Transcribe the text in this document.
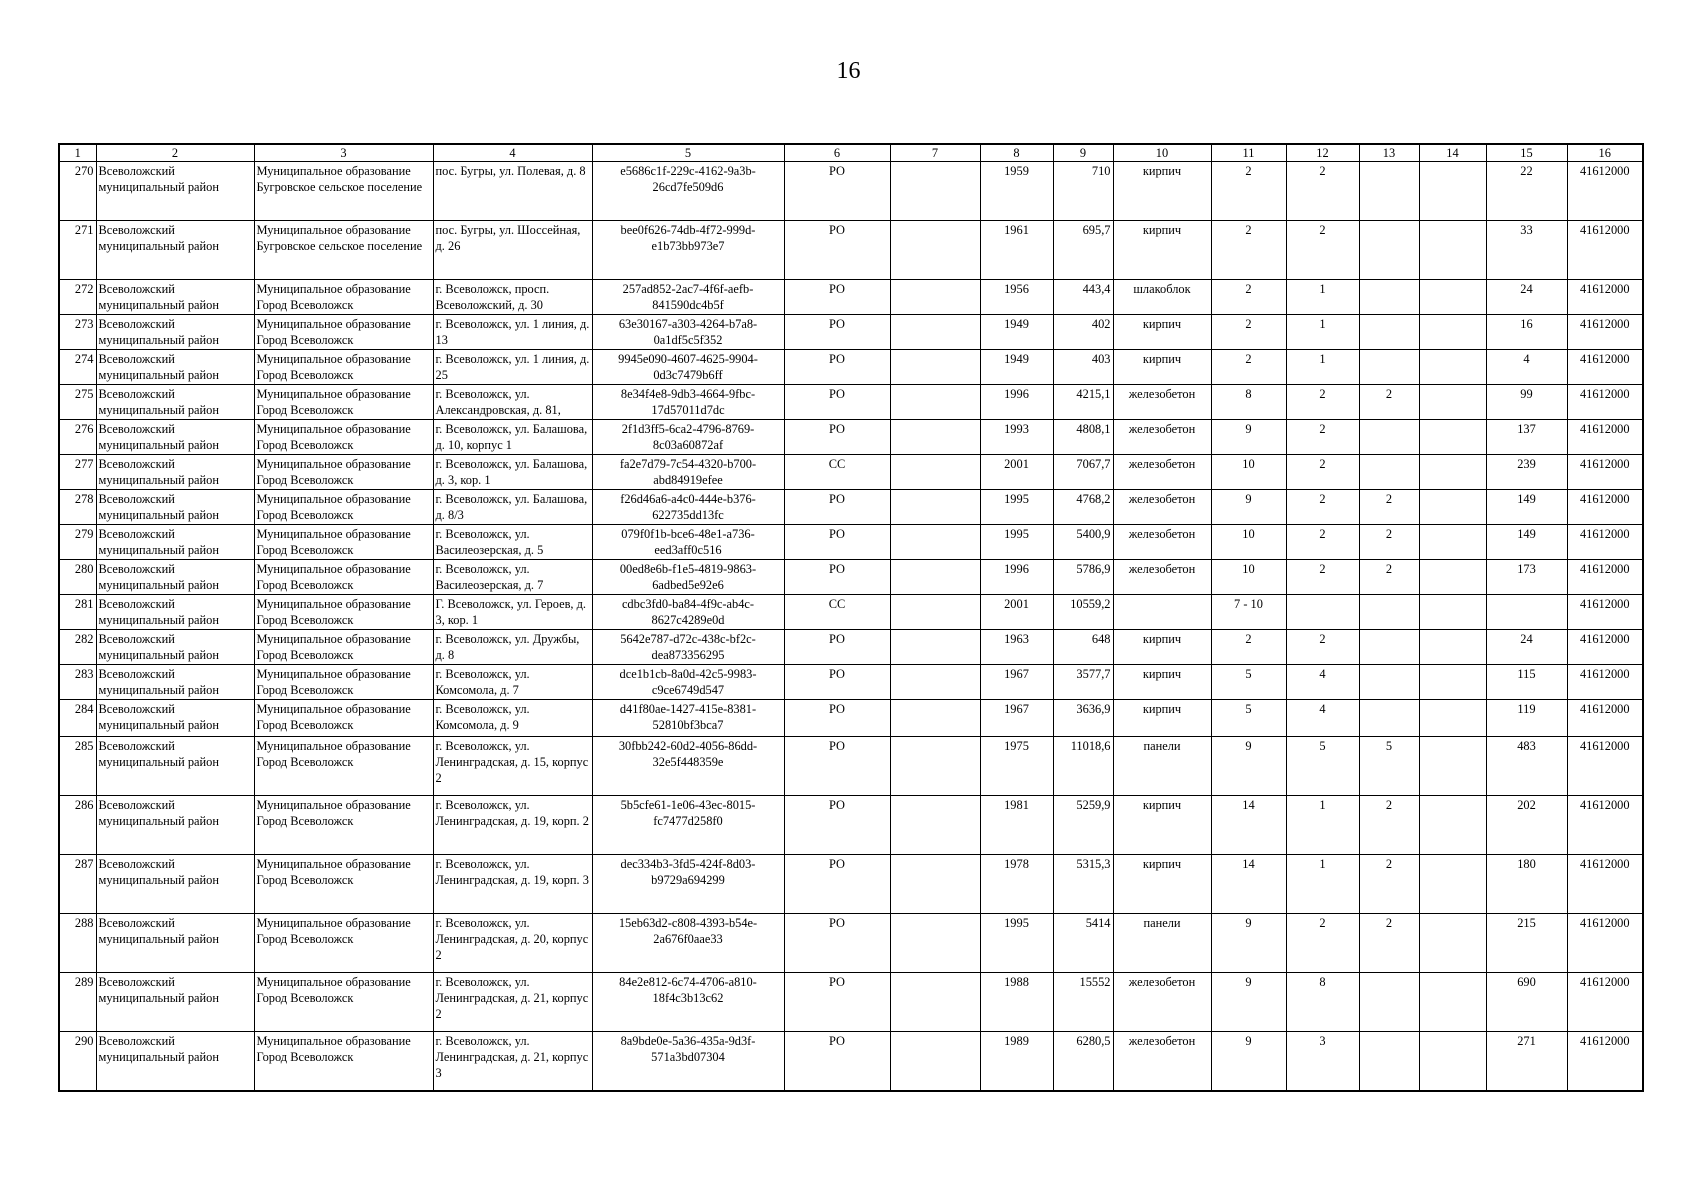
16
1	2	3	4	5	6	7	8	9	10	11	12	13	14	15	16
270	Всеволожский муниципальный район	Муниципальное образование Бугровское сельское поселение	пос. Бугры, ул. Полевая, д. 8	e5686c1f-229c-4162-9a3b-26cd7fe509d6	РО		1959	710	кирпич	2	2			22	41612000
271	Всеволожский муниципальный район	Муниципальное образование Бугровское сельское поселение	пос. Бугры, ул. Шоссейная, д. 26	bee0f626-74db-4f72-999d-e1b73bb973e7	РО		1961	695,7	кирпич	2	2			33	41612000
272	Всеволожский муниципальный район	Муниципальное образование Город Всеволожск	г. Всеволожск, просп. Всеволожский, д. 30	257ad852-2ac7-4f6f-aefb-841590dc4b5f	РО		1956	443,4	шлакоблок	2	1			24	41612000
273	Всеволожский муниципальный район	Муниципальное образование Город Всеволожск	г. Всеволожск, ул. 1 линия, д. 13	63e30167-a303-4264-b7a8-0a1df5c5f352	РО		1949	402	кирпич	2	1			16	41612000
274	Всеволожский муниципальный район	Муниципальное образование Город Всеволожск	г. Всеволожск, ул. 1 линия, д. 25	9945e090-4607-4625-9904-0d3c7479b6ff	РО		1949	403	кирпич	2	1			4	41612000
275	Всеволожский муниципальный район	Муниципальное образование Город Всеволожск	г. Всеволожск, ул. Александровская, д. 81,	8e34f4e8-9db3-4664-9fbc-17d57011d7dc	РО		1996	4215,1	железобетон	8	2	2		99	41612000
276	Всеволожский муниципальный район	Муниципальное образование Город Всеволожск	г. Всеволожск, ул. Балашова, д. 10, корпус 1	2f1d3ff5-6ca2-4796-8769-8c03a60872af	РО		1993	4808,1	железобетон	9	2			137	41612000
277	Всеволожский муниципальный район	Муниципальное образование Город Всеволожск	г. Всеволожск, ул. Балашова, д. 3, кор. 1	fa2e7d79-7c54-4320-b700-abd84919efee	СС		2001	7067,7	железобетон	10	2			239	41612000
278	Всеволожский муниципальный район	Муниципальное образование Город Всеволожск	г. Всеволожск, ул. Балашова, д. 8/3	f26d46a6-a4c0-444e-b376-622735dd13fc	РО		1995	4768,2	железобетон	9	2	2		149	41612000
279	Всеволожский муниципальный район	Муниципальное образование Город Всеволожск	г. Всеволожск, ул. Василеозерская, д. 5	079f0f1b-bce6-48e1-a736-eed3aff0c516	РО		1995	5400,9	железобетон	10	2	2		149	41612000
280	Всеволожский муниципальный район	Муниципальное образование Город Всеволожск	г. Всеволожск, ул. Василеозерская, д. 7	00ed8e6b-f1e5-4819-9863-6adbed5e92e6	РО		1996	5786,9	железобетон	10	2	2		173	41612000
281	Всеволожский муниципальный район	Муниципальное образование Город Всеволожск	Г. Всеволожск, ул. Героев, д. 3, кор. 1	cdbc3fd0-ba84-4f9c-ab4c-8627c4289e0d	СС		2001	10559,2		7 - 10					41612000
282	Всеволожский муниципальный район	Муниципальное образование Город Всеволожск	г. Всеволожск, ул. Дружбы, д. 8	5642e787-d72c-438c-bf2c-dea873356295	РО		1963	648	кирпич	2	2			24	41612000
283	Всеволожский муниципальный район	Муниципальное образование Город Всеволожск	г. Всеволожск, ул. Комсомола, д. 7	dce1b1cb-8a0d-42c5-9983-c9ce6749d547	РО		1967	3577,7	кирпич	5	4			115	41612000
284	Всеволожский муниципальный район	Муниципальное образование Город Всеволожск	г. Всеволожск, ул. Комсомола, д. 9	d41f80ae-1427-415e-8381-52810bf3bca7	РО		1967	3636,9	кирпич	5	4			119	41612000
285	Всеволожский муниципальный район	Муниципальное образование Город Всеволожск	г. Всеволожск, ул. Ленинградская, д. 15, корпус 2	30fbb242-60d2-4056-86dd-32e5f448359e	РО		1975	11018,6	панели	9	5	5		483	41612000
286	Всеволожский муниципальный район	Муниципальное образование Город Всеволожск	г. Всеволожск, ул. Ленинградская, д. 19, корп. 2	5b5cfe61-1e06-43ec-8015-fc7477d258f0	РО		1981	5259,9	кирпич	14	1	2		202	41612000
287	Всеволожский муниципальный район	Муниципальное образование Город Всеволожск	г. Всеволожск, ул. Ленинградская, д. 19, корп. 3	dec334b3-3fd5-424f-8d03-b9729a694299	РО		1978	5315,3	кирпич	14	1	2		180	41612000
288	Всеволожский муниципальный район	Муниципальное образование Город Всеволожск	г. Всеволожск, ул. Ленинградская, д. 20, корпус 2	15eb63d2-c808-4393-b54e-2a676f0aae33	РО		1995	5414	панели	9	2	2		215	41612000
289	Всеволожский муниципальный район	Муниципальное образование Город Всеволожск	г. Всеволожск, ул. Ленинградская, д. 21, корпус 2	84e2e812-6c74-4706-a810-18f4c3b13c62	РО		1988	15552	железобетон	9	8			690	41612000
290	Всеволожский муниципальный район	Муниципальное образование Город Всеволожск	г. Всеволожск, ул. Ленинградская, д. 21, корпус 3	8a9bde0e-5a36-435a-9d3f-571a3bd07304	РО		1989	6280,5	железобетон	9	3			271	41612000
